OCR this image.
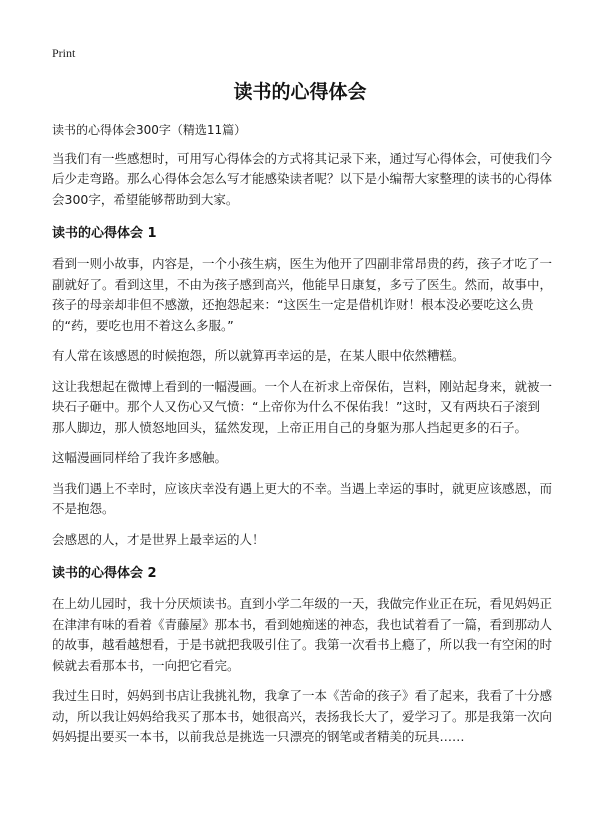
Print
读书的心得体会

读书的心得体会300字（精选11篇）

当我们有一些感想时，可用写心得体会的方式将其记录下来，通过写心得体会，可使我们今后少走弯路。那么心得体会怎么写才能感染读者呢？以下是小编帮大家整理的读书的心得体会300字，希望能够帮助到大家。

读书的心得体会 1

看到一则小故事，内容是，一个小孩生病，医生为他开了四副非常昂贵的药，孩子才吃了一副就好了。看到这里，不由为孩子感到高兴，他能早日康复，多亏了医生。然而，故事中，孩子的母亲却非但不感激，还抱怨起来：“这医生一定是借机诈财！根本没必要吃这么贵的“药，要吃也用不着这么多服。”

有人常在该感恩的时候抱怨，所以就算再幸运的是，在某人眼中依然糟糕。

这让我想起在微博上看到的一幅漫画。一个人在祈求上帝保佑，岂料，刚站起身来，就被一块石子砸中。那个人又伤心又气愤：“上帝你为什么不保佑我！”这时，又有两块石子滚到那人脚边，那人愤怒地回头，猛然发现，上帝正用自己的身躯为那人挡起更多的石子。

这幅漫画同样给了我许多感触。

当我们遇上不幸时，应该庆幸没有遇上更大的不幸。当遇上幸运的事时，就更应该感恩，而不是抱怨。

会感恩的人，才是世界上最幸运的人！

读书的心得体会 2

在上幼儿园时，我十分厌烦读书。直到小学二年级的一天，我做完作业正在玩，看见妈妈正在津津有味的看着《青藤屋》那本书，看到她痴迷的神态，我也试着看了一篇，看到那动人的故事，越看越想看，于是书就把我吸引住了。我第一次看书上瘾了，所以我一有空闲的时候就去看那本书，一向把它看完。

我过生日时，妈妈到书店让我挑礼物，我拿了一本《苦命的孩子》看了起来，我看了十分感动，所以我让妈妈给我买了那本书，她很高兴，表扬我长大了，爱学习了。那是我第一次向妈妈提出要买一本书，以前我总是挑选一只漂亮的钢笔或者精美的玩具……
